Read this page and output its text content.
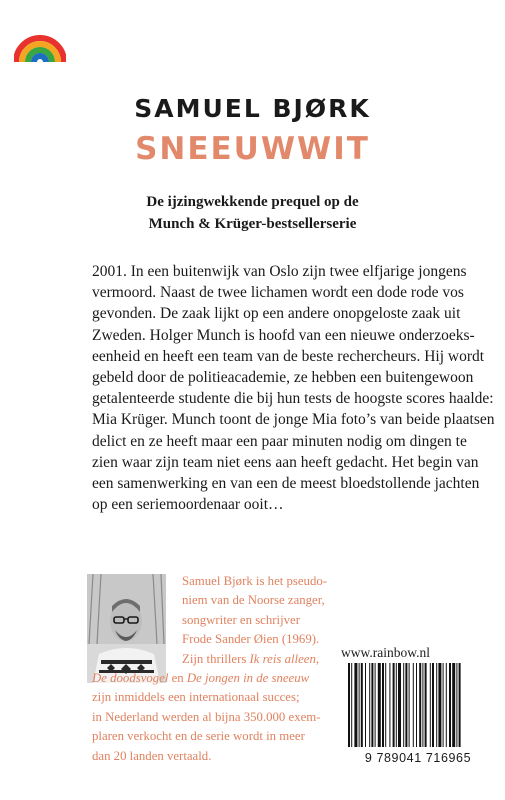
SAMUEL BJØRK
SNEEUWWIT
De ijzingwekkende prequel op de
Munch & Krüger-bestsellerserie
2001. In een buitenwijk van Oslo zijn twee elfjarige jongens
vermoord. Naast de twee lichamen wordt een dode rode vos
gevonden. De zaak lijkt op een andere onopgeloste zaak uit
Zweden. Holger Munch is hoofd van een nieuwe onderzoeks-
eenheid en heeft een team van de beste rechercheurs. Hij wordt
gebeld door de politieacademie, ze hebben een buitengewoon
getalenteerde studente die bij hun tests de hoogste scores haalde:
Mia Krüger. Munch toont de jonge Mia foto’s van beide plaatsen
delict en ze heeft maar een paar minuten nodig om dingen te
zien waar zijn team niet eens aan heeft gedacht. Het begin van
een samenwerking en van een de meest bloedstollende jachten
op een seriemoordenaar ooit…
Samuel Bjørk is het pseudo-
niem van de Noorse zanger,
songwriter en schrijver
Frode Sander Øien (1969).
Zijn thrillers Ik reis alleen,
De doodsvogel en De jongen in de sneeuw
zijn inmiddels een internationaal succes;
in Nederland werden al bijna 350.000 exem-
plaren verkocht en de serie wordt in meer
dan 20 landen vertaald.
www.rainbow.nl
9 789041 716965
